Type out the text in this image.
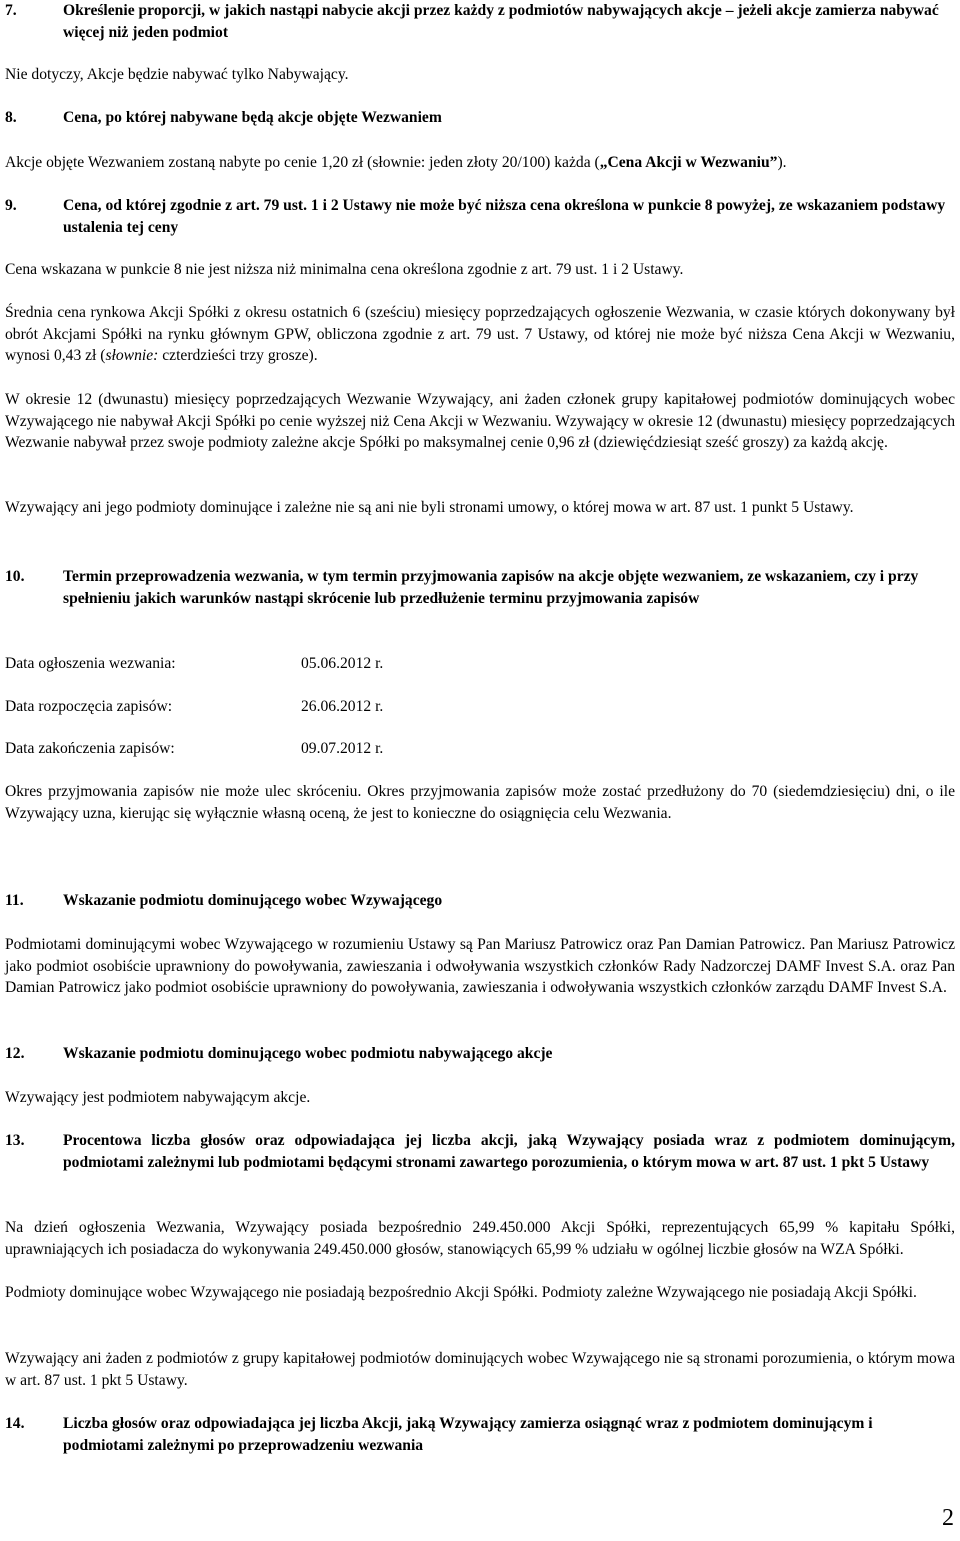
7.	Określenie proporcji, w jakich nastąpi nabycie akcji przez każdy z podmiotów nabywających akcje – jeżeli akcje zamierza nabywać więcej niż jeden podmiot

Nie dotyczy, Akcje będzie nabywać tylko Nabywający.

8.	Cena, po której nabywane będą akcje objęte Wezwaniem

Akcje objęte Wezwaniem zostaną nabyte po cenie 1,20 zł (słownie: jeden złoty 20/100) każda („Cena Akcji w Wezwaniu”).

9.	Cena, od której zgodnie z art. 79 ust. 1 i 2 Ustawy nie może być niższa cena określona w punkcie 8 powyżej, ze wskazaniem podstawy ustalenia tej ceny

Cena wskazana w punkcie 8 nie jest niższa niż minimalna cena określona zgodnie z art. 79 ust. 1 i 2 Ustawy.

Średnia cena rynkowa Akcji Spółki z okresu ostatnich 6 (sześciu) miesięcy poprzedzających ogłoszenie Wezwania, w czasie których dokonywany był obrót Akcjami Spółki na rynku głównym GPW, obliczona zgodnie z art. 79 ust. 7 Ustawy, od której nie może być niższa Cena Akcji w Wezwaniu, wynosi 0,43 zł (słownie: czterdzieści trzy grosze).

W okresie 12 (dwunastu) miesięcy poprzedzających Wezwanie Wzywający, ani żaden członek grupy kapitałowej podmiotów dominujących wobec Wzywającego nie nabywał Akcji Spółki po cenie wyższej niż Cena Akcji w Wezwaniu. Wzywający w okresie 12 (dwunastu) miesięcy poprzedzających Wezwanie nabywał przez swoje podmioty zależne akcje Spółki po maksymalnej cenie 0,96 zł (dziewięćdziesiąt sześć groszy) za każdą akcję.

Wzywający ani jego podmioty dominujące i zależne nie są ani nie byli stronami umowy, o której mowa w art. 87 ust. 1 punkt 5 Ustawy.

10.	Termin przeprowadzenia wezwania, w tym termin przyjmowania zapisów na akcje objęte wezwaniem, ze wskazaniem, czy i przy spełnieniu jakich warunków nastąpi skrócenie lub przedłużenie terminu przyjmowania zapisów
Data ogłoszenia wezwania:	05.06.2012 r.
Data rozpoczęcia zapisów:	26.06.2012 r.
Data zakończenia zapisów:	09.07.2012 r.

Okres przyjmowania zapisów nie może ulec skróceniu. Okres przyjmowania zapisów może zostać przedłużony do 70 (siedemdziesięciu) dni, o ile Wzywający uzna, kierując się wyłącznie własną oceną, że jest to konieczne do osiągnięcia celu Wezwania.

11.	Wskazanie podmiotu dominującego wobec Wzywającego

Podmiotami dominującymi wobec Wzywającego w rozumieniu Ustawy są Pan Mariusz Patrowicz oraz Pan Damian Patrowicz. Pan Mariusz Patrowicz jako podmiot osobiście uprawniony do powoływania, zawieszania i odwoływania wszystkich członków Rady Nadzorczej DAMF Invest S.A. oraz Pan Damian Patrowicz jako podmiot osobiście uprawniony do powoływania, zawieszania i odwoływania wszystkich członków zarządu DAMF Invest S.A.

12.	Wskazanie podmiotu dominującego wobec podmiotu nabywającego akcje

Wzywający jest podmiotem nabywającym akcje.

13.	Procentowa liczba głosów oraz odpowiadająca jej liczba akcji, jaką Wzywający posiada wraz z podmiotem dominującym, podmiotami zależnymi lub podmiotami będącymi stronami zawartego porozumienia, o którym mowa w art. 87 ust. 1 pkt 5 Ustawy

Na dzień ogłoszenia Wezwania, Wzywający posiada bezpośrednio 249.450.000 Akcji Spółki, reprezentujących 65,99 % kapitału Spółki, uprawniających ich posiadacza do wykonywania 249.450.000 głosów, stanowiących 65,99 % udziału w ogólnej liczbie głosów na WZA Spółki.

Podmioty dominujące wobec Wzywającego nie posiadają bezpośrednio Akcji Spółki. Podmioty zależne Wzywającego nie posiadają Akcji Spółki.

Wzywający ani żaden z podmiotów z grupy kapitałowej podmiotów dominujących wobec Wzywającego nie są stronami porozumienia, o którym mowa w art. 87 ust. 1 pkt 5 Ustawy.

14.	Liczba głosów oraz odpowiadająca jej liczba Akcji, jaką Wzywający zamierza osiągnąć wraz z podmiotem dominującym i podmiotami zależnymi po przeprowadzeniu wezwania
2
